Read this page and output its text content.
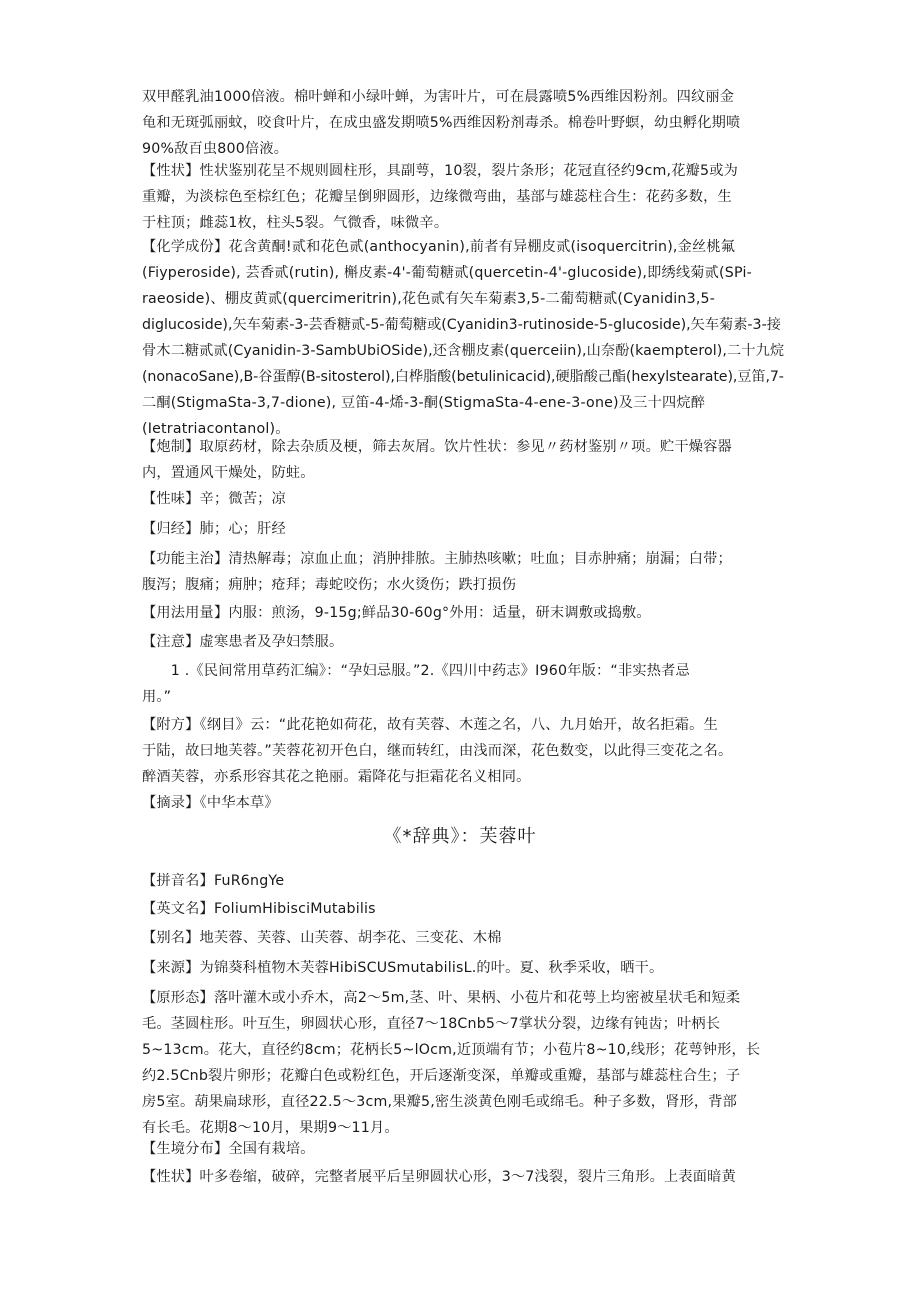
双甲醛乳油1000倍液。棉叶蝉和小绿叶蝉，为害叶片，可在晨露喷5%西维因粉剂。四纹丽金
龟和无斑弧丽蚊，咬食叶片，在成虫盛发期喷5%西维因粉剂毒杀。棉卷叶野螟，幼虫孵化期喷
90%敌百虫800倍液。
【性状】性状鉴别花呈不规则圆柱形，具副萼，10裂，裂片条形；花冠直径约9cm,花瓣5或为
重瓣，为淡棕色至棕红色；花瓣呈倒卵圆形，边缘微弯曲，基部与雄蕊柱合生：花药多数，生
于柱顶；雌蕊1枚，柱头5裂。气微香，味微辛。
【化学成份】花含黄酮!贰和花色贰(anthocyanin),前者有异棚皮贰(isoquercitrin),金丝桃氟
(Fiyperoside), 芸香贰(rutin), 槲皮素-4'-葡萄糖贰(quercetin-4'-glucoside),即绣线菊贰(SPi-
raeoside)、棚皮黄贰(quercimeritrin),花色贰有矢车菊素3,5-二葡萄糖贰(Cyanidin3,5-
diglucoside),矢车菊素-3-芸香糖贰-5-葡萄糖或(Cyanidin3-rutinoside-5-glucoside),矢车菊素-3-接
骨木二糖贰贰(Cyanidin-3-SambUbiOSide),还含棚皮素(querceiin),山奈酚(kaempterol),二十九烷
(nonacoSane),B-谷蛋醇(B-sitosterol),白桦脂酸(betulinicacid),硬脂酸己酯(hexylstearate),豆笛,7-
二酮(StigmaSta-3,7-dione), 豆笛-4-烯-3-酮(StigmaSta-4-ene-3-one)及三十四烷醉
(Ietratriacontanol)。
【炮制】取原药材，除去杂质及梗，筛去灰屑。饮片性状：参见〃药材鉴别〃项。贮干燥容器
内，置通风干燥处，防蛀。
【性味】辛；微苦；凉
【归经】肺；心；肝经
【功能主治】清热解毒；凉血止血；消肿排脓。主肺热咳嗽；吐血；目赤肿痛；崩漏；白带；
腹泻；腹痛；痈肿；疮拜；毒蛇咬伤；水火烫伤；跌打损伤
【用法用量】内服：煎汤，9-15g;鲜品30-60g°外用：适量，研末调敷或捣敷。
【注意】虚寒患者及孕妇禁服。
　　1 .《民间常用草药汇编》：“孕妇忌服。”2.《四川中药志》I960年版：“非实热者忌
用。”
【附方】《纲目》云：“此花艳如荷花，故有芙蓉、木莲之名，八、九月始开，故名拒霜。生
于陆，故曰地芙蓉。”芙蓉花初开色白，继而转红，由浅而深，花色数变，以此得三变花之名。
醉酒芙蓉，亦系形容其花之艳丽。霜降花与拒霜花名义相同。
【摘录】《中华本草》
《*辞典》：芙蓉叶
【拼音名】FuR6ngYe
【英文名】FoliumHibisciMutabilis
【别名】地芙蓉、芙蓉、山芙蓉、胡李花、三变花、木棉
【来源】为锦葵科植物木芙蓉HibiSCUSmutabilisL.的叶。夏、秋季采收，晒干。
【原形态】落叶灌木或小乔木，高2～5m,茎、叶、果柄、小苞片和花萼上均密被星状毛和短柔
毛。茎圆柱形。叶互生，卵圆状心形，直径7～18Cnb5～7掌状分裂，边缘有钝齿；叶柄长
5~13cm。花大，直径约8cm；花柄长5~lOcm,近顶端有节；小苞片8~10,线形；花萼钟形，长
约2.5Cnb裂片卵形；花瓣白色或粉红色，开后逐渐变深，单瓣或重瓣，基部与雄蕊柱合生；子
房5室。葫果扁球形，直径22.5～3cm,果瓣5,密生淡黄色刚毛或绵毛。种子多数，肾形，背部
有长毛。花期8～10月，果期9～11月。
【生境分布】全国有栽培。
【性状】叶多卷缩，破碎，完整者展平后呈卵圆状心形，3～7浅裂，裂片三角形。上表面暗黄
